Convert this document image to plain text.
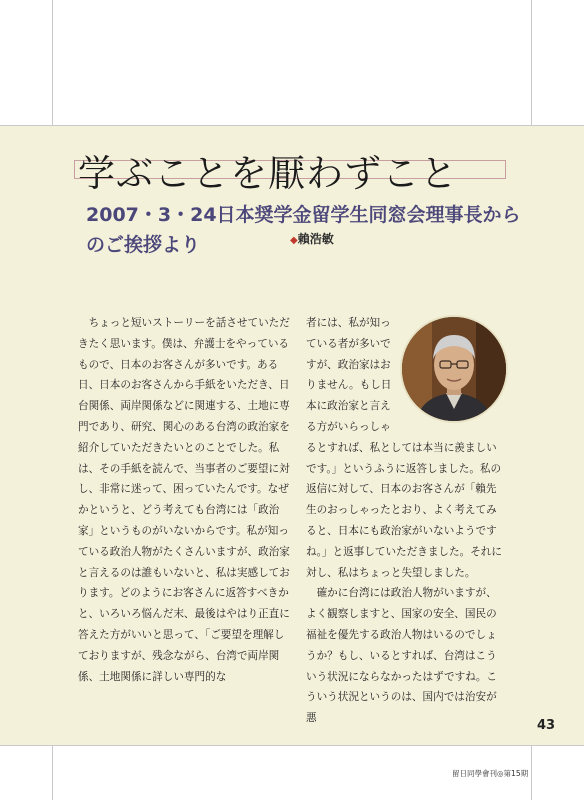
学ぶことを厭わずこと
2007・3・24日本奨学金留学生同窓会理事長からのご挨拶より	◆賴浩敏

　ちょっと短いストーリーを話させていただきたく思います。僕は、弁護士をやっているもので、日本のお客さんが多いです。ある日、日本のお客さんから手紙をいただき、日台関係、両岸関係などに関連する、土地に専門であり、研究、関心のある台湾の政治家を紹介していただきたいとのことでした。私は、その手紙を読んで、当事者のご要望に対し、非常に迷って、困っていたんです。なぜかというと、どう考えても台湾には「政治家」というものがいないからです。私が知っている政治人物がたくさんいますが、政治家と言えるのは誰もいないと、私は実感しております。どのようにお客さんに返答すべきかと、いろいろ悩んだ末、最後はやはり正直に答えた方がいいと思って、「ご要望を理解しておりますが、残念ながら、台湾で両岸関係、土地関係に詳しい専門的な

者には、私が知っている者が多いですが、政治家はおりません。もし日本に政治家と言える方がいらっしゃ
るとすれば、私としては本当に羨ましいです。」というふうに返答しました。私の返信に対して、日本のお客さんが「賴先生のおっしゃったとおり、よく考えてみると、日本にも政治家がいないようですね。」と返事していただきました。それに対し、私はちょっと失望しました。
　確かに台湾には政治人物がいますが、よく観察しますと、国家の安全、国民の福祉を優先する政治人物はいるのでしょうか？もし、いるとすれば、台湾はこういう状況にならなかったはずですね。こういう状況というのは、国内では治安が悪	43
留日同學會刊◎第15期
